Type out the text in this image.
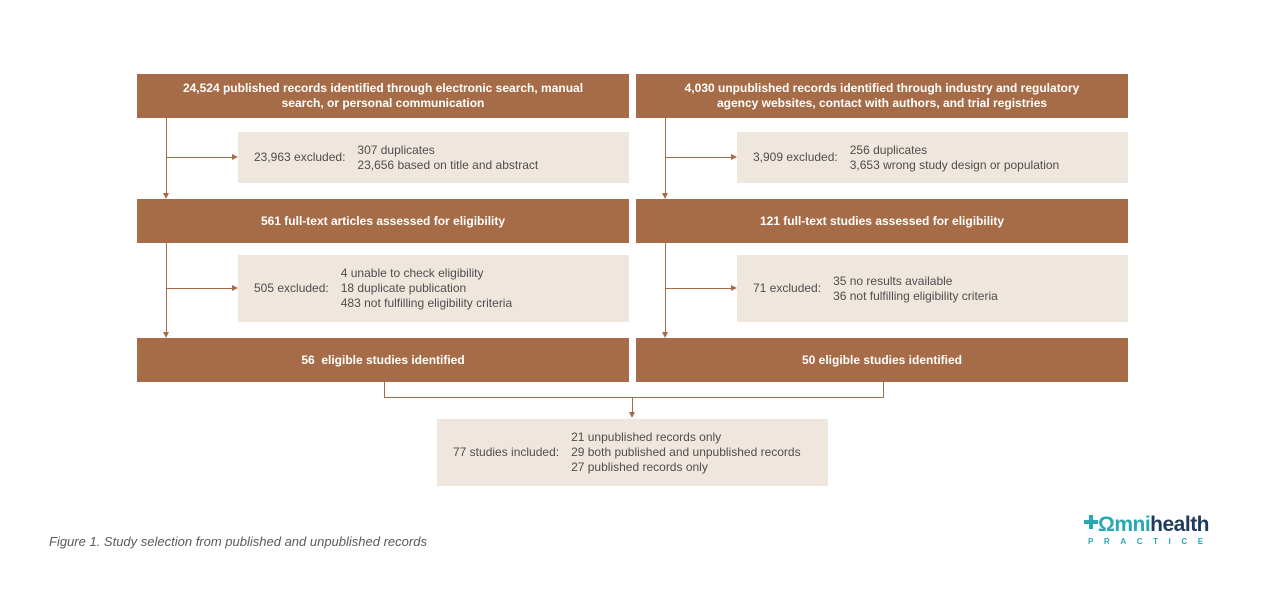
24,524 published records identified through electronic search, manual search, or personal communication
23,963 excluded:
307 duplicates
23,656 based on title and abstract
561 full-text articles assessed for eligibility
505 excluded:
4 unable to check eligibility
18 duplicate publication
483 not fulfilling eligibility criteria
56  eligible studies identified
4,030 unpublished records identified through industry and regulatory agency websites, contact with authors, and trial registries
3,909 excluded:
256 duplicates
3,653 wrong study design or population
121 full-text studies assessed for eligibility
71 excluded:
35 no results available
36 not fulfilling eligibility criteria
50 eligible studies identified
77 studies included:
21 unpublished records only
29 both published and unpublished records
27 published records only
Figure 1. Study selection from published and unpublished records
Ωmnihealth
PRACTICE
